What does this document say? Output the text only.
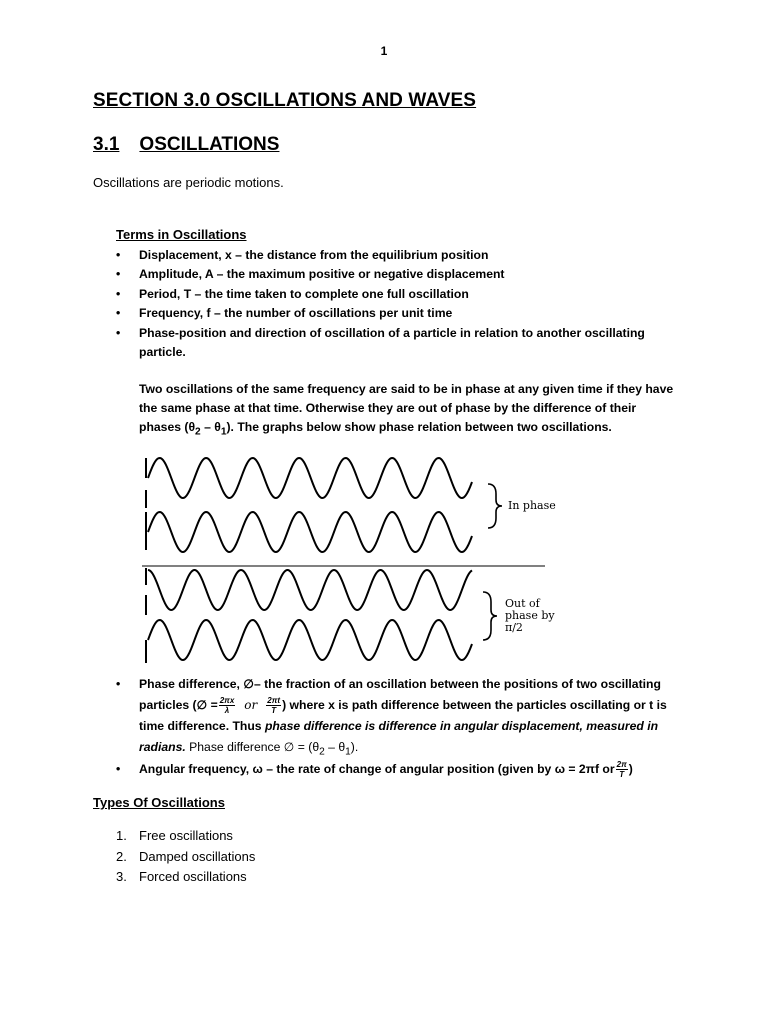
1
SECTION 3.0 OSCILLATIONS AND WAVES
3.1 OSCILLATIONS
Oscillations are periodic motions.
Terms in Oscillations
• Displacement, x – the distance from the equilibrium position
• Amplitude, A – the maximum positive or negative displacement
• Period, T – the time taken to complete one full oscillation
• Frequency, f – the number of oscillations per unit time
• Phase-position and direction of oscillation of a particle in relation to another oscillating
particle.
Two oscillations of the same frequency are said to be in phase at any given time if they have
the same phase at that time. Otherwise they are out of phase by the difference of their
phases $(\theta_2 - \theta_1)$. The graphs below show phase relation between two oscillations.
In phase
Out of
phase by
π/2
• Phase difference, ∅– the fraction of an oscillation between the positions of two oscillating
particles (∅ = $\frac{2\pi x}{\lambda}$ or $\frac{2\pi t}{T}$ ) where x is path difference between the particles oscillating or t is
time difference. Thus phase difference is difference in angular displacement, measured in
radians. Phase difference ∅ = $(\theta_2 - \theta_1)$.
• Angular frequency, ω – the rate of change of angular position (given by ω = 2πf or $\frac{2\pi}{T}$ )
Types Of Oscillations
1. Free oscillations
2. Damped oscillations
3. Forced oscillations
